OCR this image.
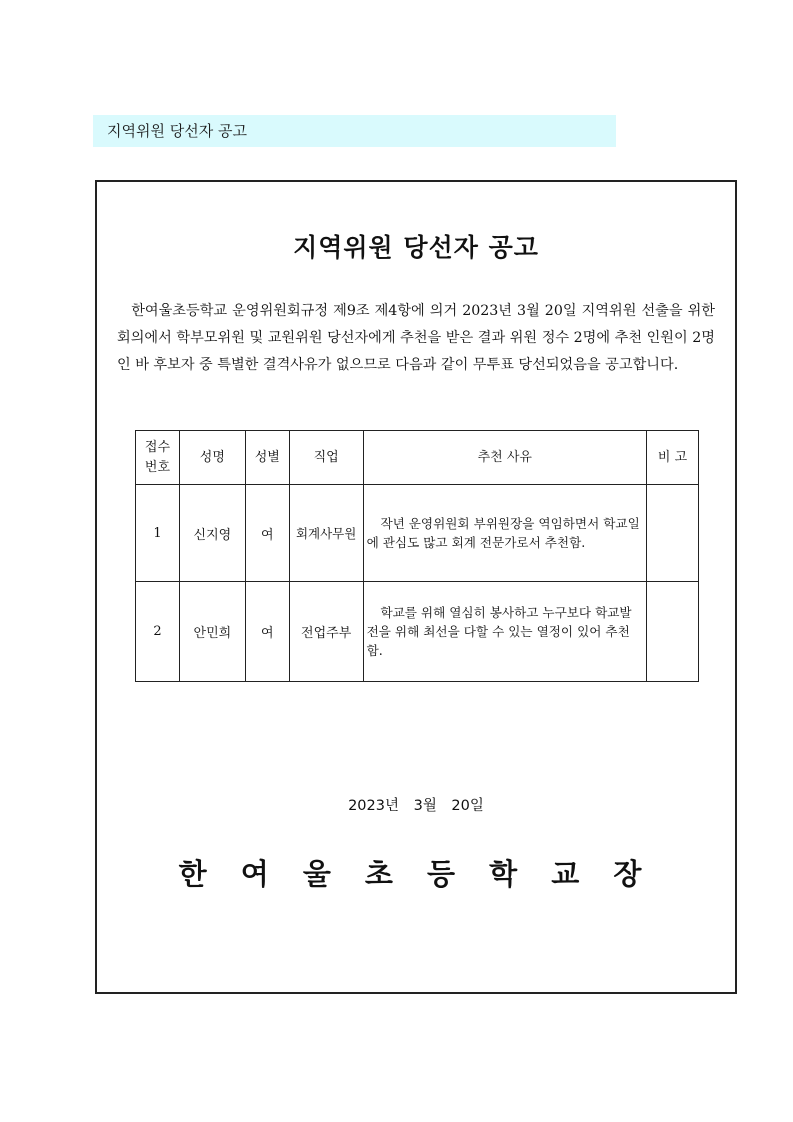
지역위원 당선자 공고
지역위원 당선자 공고

한여울초등학교 운영위원회규정 제9조 제4항에 의거 2023년 3월 20일 지역위원 선출을 위한 회의에서 학부모위원 및 교원위원 당선자에게 추천을 받은 결과 위원 정수 2명에 추천 인원이 2명인 바 후보자 중 특별한 결격사유가 없으므로 다음과 같이 무투표 당선되었음을 공고합니다.

접수
번호	성명	성별	직업	추천 사유	비 고
1	신지영	여	회계사무원	작년 운영위원회 부위원장을 역임하면서 학교일에 관심도 많고 회계 전문가로서 추천함.	
2	안민희	여	전업주부	학교를 위해 열심히 봉사하고 누구보다 학교발전을 위해 최선을 다할 수 있는 열정이 있어 추천함.	
2023년 3월 20일
한 여 울 초 등 학 교 장
